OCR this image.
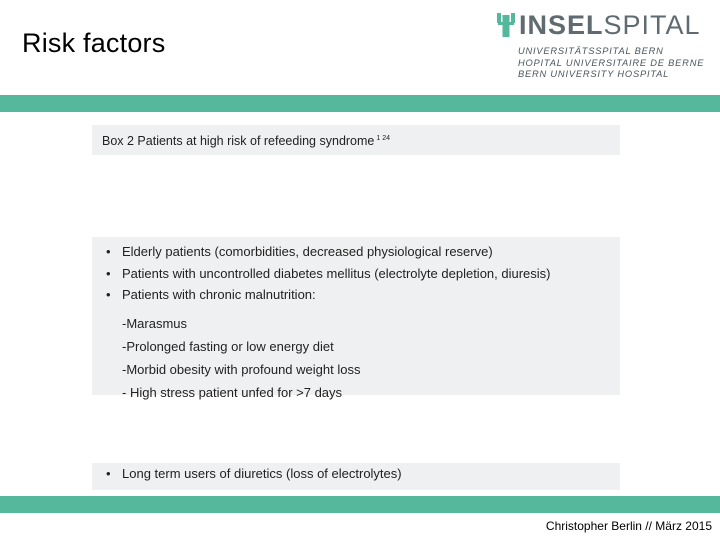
Risk factors
INSEL SPITAL
UNIVERSITÄTSSPITAL BERN
HOPITAL UNIVERSITAIRE DE BERNE
BERN UNIVERSITY HOSPITAL
Box 2 Patients at high risk of refeeding syndrome $^{1 24}$
• Elderly patients (comorbidities, decreased physiological reserve)
• Patients with uncontrolled diabetes mellitus (electrolyte depletion, diuresis)
• Patients with chronic malnutrition:
-Marasmus
-Prolonged fasting or low energy diet
-Morbid obesity with profound weight loss
- High stress patient unfed for >7 days
• Long term users of diuretics (loss of electrolytes)
Christopher Berlin // März 2015
